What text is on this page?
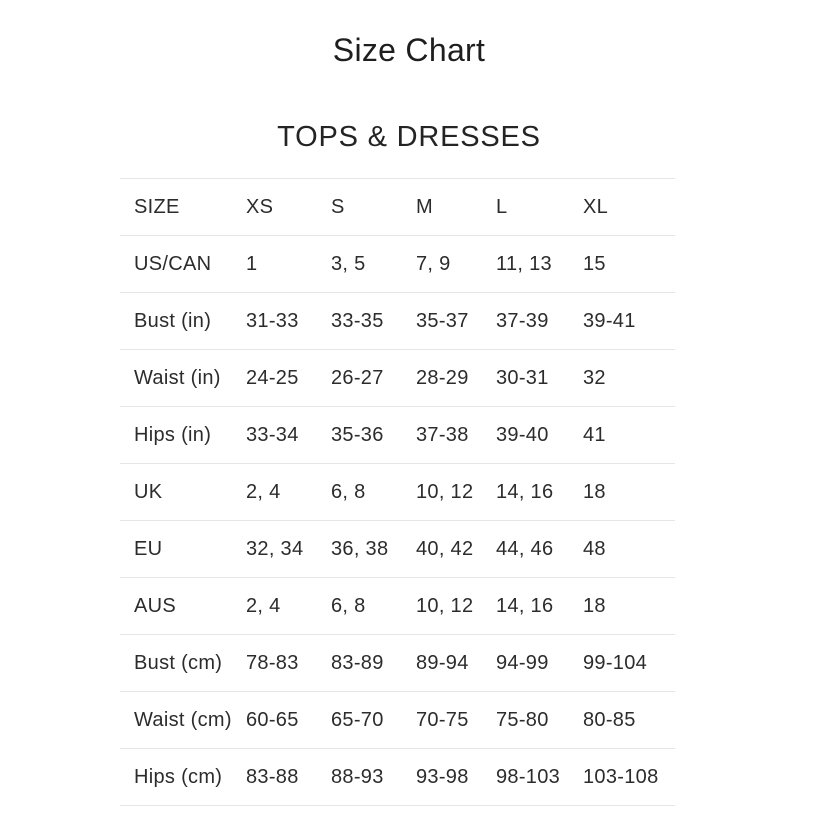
Size Chart
TOPS & DRESSES
SIZE	XS	S	M	L	XL
US/CAN	1	3, 5	7, 9	11, 13	15
Bust (in)	31-33	33-35	35-37	37-39	39-41
Waist (in)	24-25	26-27	28-29	30-31	32
Hips (in)	33-34	35-36	37-38	39-40	41
UK	2, 4	6, 8	10, 12	14, 16	18
EU	32, 34	36, 38	40, 42	44, 46	48
AUS	2, 4	6, 8	10, 12	14, 16	18
Bust (cm)	78-83	83-89	89-94	94-99	99-104
Waist (cm)	60-65	65-70	70-75	75-80	80-85
Hips (cm)	83-88	88-93	93-98	98-103	103-108
